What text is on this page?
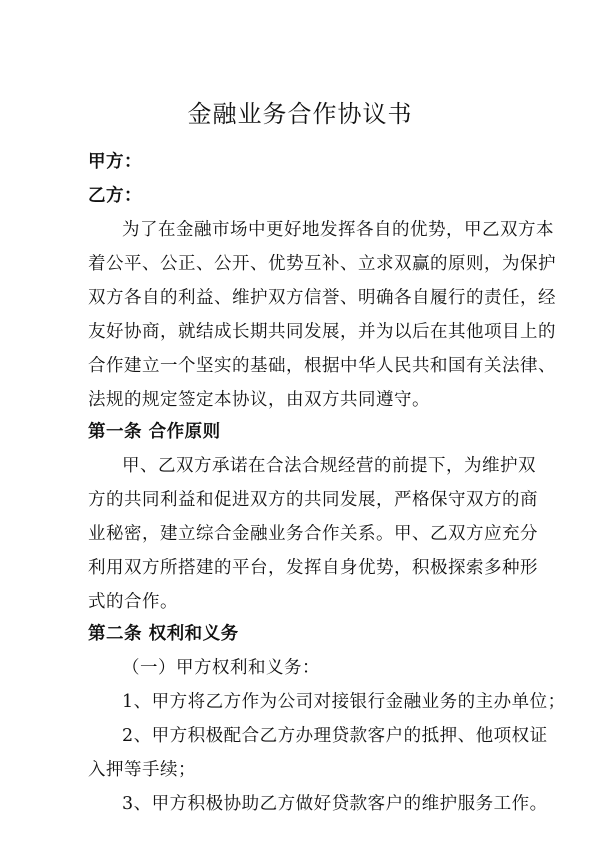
金融业务合作协议书
甲方：
乙方：
为了在金融市场中更好地发挥各自的优势，甲乙双方本
着公平、公正、公开、优势互补、立求双赢的原则，为保护
双方各自的利益、维护双方信誉、明确各自履行的责任，经
友好协商，就结成长期共同发展，并为以后在其他项目上的
合作建立一个坚实的基础，根据中华人民共和国有关法律、
法规的规定签定本协议，由双方共同遵守。
第一条 合作原则
甲、乙双方承诺在合法合规经营的前提下，为维护双
方的共同利益和促进双方的共同发展，严格保守双方的商
业秘密，建立综合金融业务合作关系。甲、乙双方应充分
利用双方所搭建的平台，发挥自身优势，积极探索多种形
式的合作。
第二条 权利和义务
（一）甲方权利和义务：
1、甲方将乙方作为公司对接银行金融业务的主办单位；
2、甲方积极配合乙方办理贷款客户的抵押、他项权证
入押等手续；
3、甲方积极协助乙方做好贷款客户的维护服务工作。
